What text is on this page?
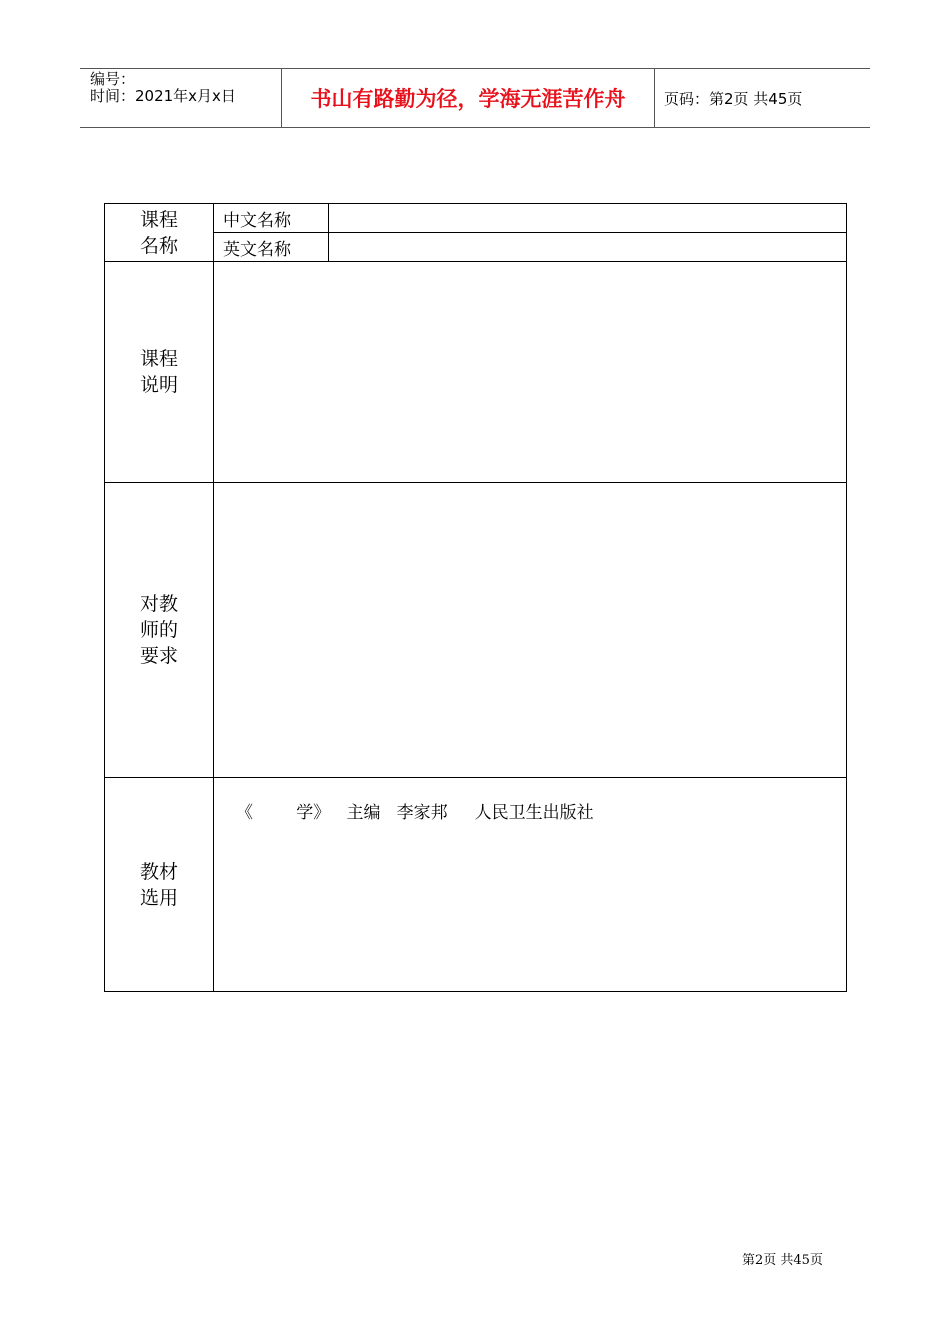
编号：
时间：2021年x月x日	书山有路勤为径，学海无涯苦作舟	页码：第2页 共45页
课程
名称	中文名称	
	英文名称	

课程
说明		

对教
师的
要求		

教材
选用	《        学》   主编   李家邦     人民卫生出版社	
第2页 共45页
